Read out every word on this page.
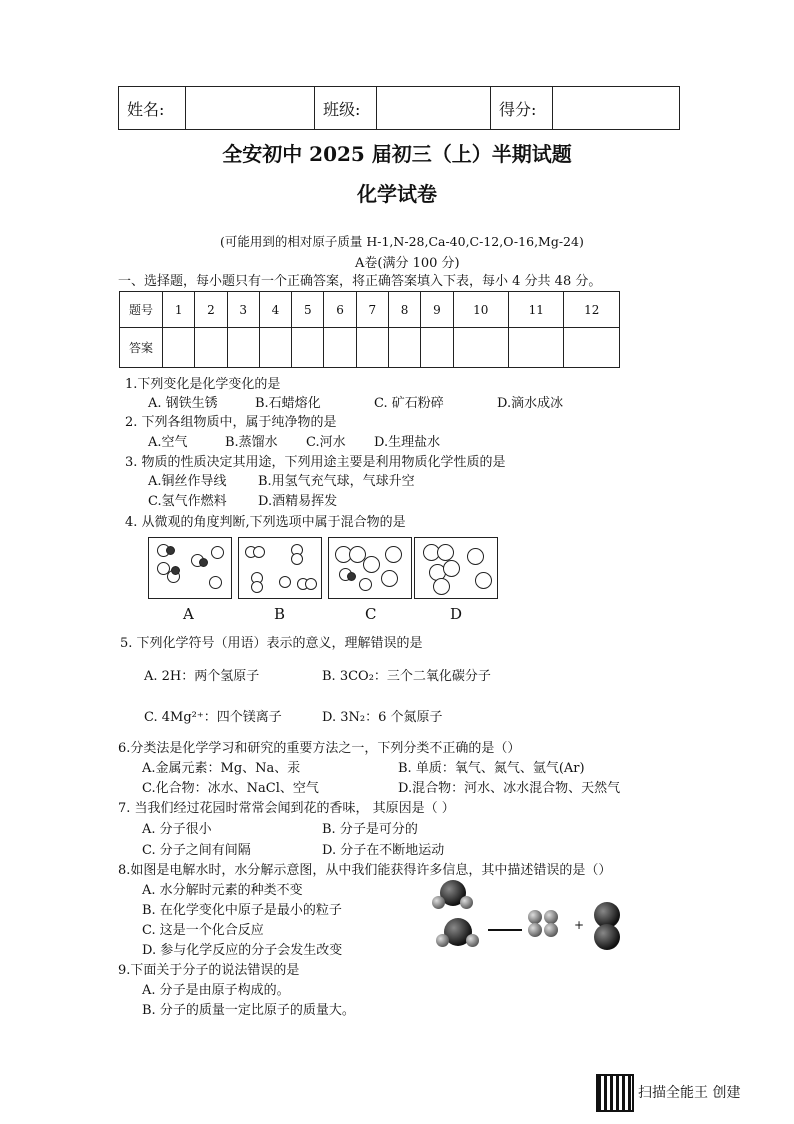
姓名:		班级:		得分:	
全安初中 2025 届初三（上）半期试题
化学试卷
(可能用到的相对原子质量 H-1,N-28,Ca-40,C-12,O-16,Mg-24)
A卷(满分 100 分)
一、选择题，每小题只有一个正确答案，将正确答案填入下表，每小 4 分共 48 分。
题号	1	2	3	4	5	6	7	8	9	10	11	12
答案												
1.下列变化是化学变化的是
A. 钢铁生锈	B.石蜡熔化	C. 矿石粉碎	D.滴水成冰
2. 下列各组物质中，属于纯净物的是
A.空气	B.蒸馏水 C.河水 D.生理盐水
3. 物质的性质决定其用途，下列用途主要是利用物质化学性质的是
A.铜丝作导线 B.用氢气充气球，气球升空
C.氢气作燃料 D.酒精易挥发
4. 从微观的角度判断,下列选项中属于混合物的是
A	B	C	D
5. 下列化学符号（用语）表示的意义，理解错误的是
A. 2H：两个氢原子	B. 3CO₂：三个二氧化碳分子
C. 4Mg²⁺：四个镁离子	D. 3N₂：6 个氮原子
6.分类法是化学学习和研究的重要方法之一，下列分类不正确的是（）
A.金属元素：Mg、Na、汞	B. 单质：氧气、氮气、氩气(Ar)
C.化合物：冰水、NaCl、空气	D.混合物：河水、冰水混合物、天然气
7. 当我们经过花园时常常会闻到花的香味， 其原因是（ ）
A. 分子很小	B. 分子是可分的
C. 分子之间有间隔	D. 分子在不断地运动
8.如图是电解水时，水分解示意图，从中我们能获得许多信息，其中描述错误的是（）
A. 水分解时元素的种类不变
B. 在化学变化中原子是最小的粒子
C. 这是一个化合反应
D. 参与化学反应的分子会发生改变
+
9.下面关于分子的说法错误的是
A. 分子是由原子构成的。
B. 分子的质量一定比原子的质量大。
扫描全能王 创建
